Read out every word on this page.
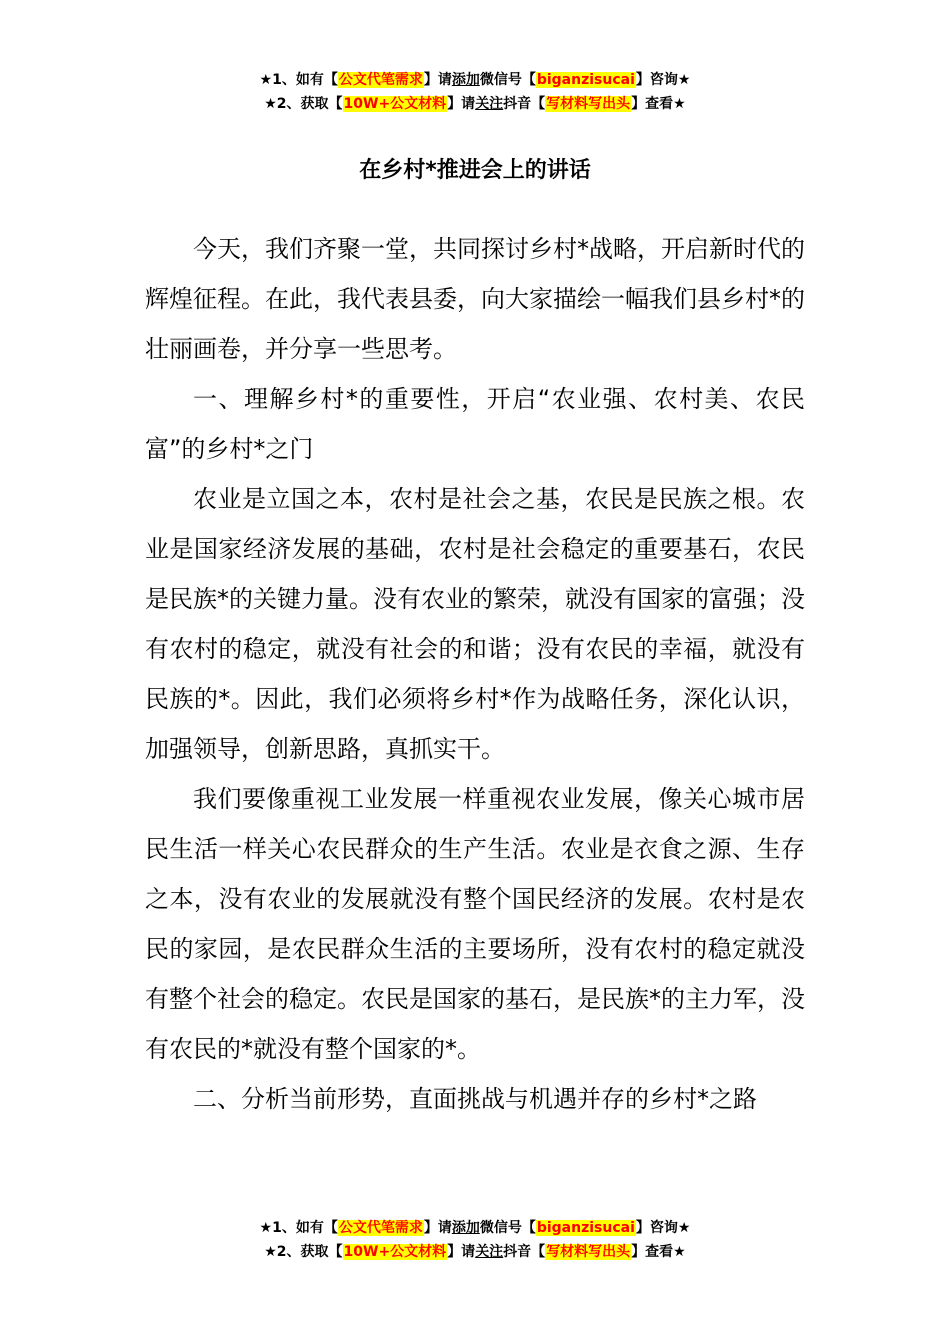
★1、如有【公文代笔需求】请添加微信号【biganzisucai】咨询★
★2、获取【10W+公文材料】请关注抖音【写材料写出头】查看★
在乡村*推进会上的讲话

今天，我们齐聚一堂，共同探讨乡村*战略，开启新时代的辉煌征程。在此，我代表县委，向大家描绘一幅我们县乡村*的壮丽画卷，并分享一些思考。

一、理解乡村*的重要性，开启“农业强、农村美、农民富”的乡村*之门

农业是立国之本，农村是社会之基，农民是民族之根。农业是国家经济发展的基础，农村是社会稳定的重要基石，农民是民族*的关键力量。没有农业的繁荣，就没有国家的富强；没有农村的稳定，就没有社会的和谐；没有农民的幸福，就没有民族的*。因此，我们必须将乡村*作为战略任务，深化认识，加强领导，创新思路，真抓实干。

我们要像重视工业发展一样重视农业发展，像关心城市居民生活一样关心农民群众的生产生活。农业是衣食之源、生存之本，没有农业的发展就没有整个国民经济的发展。农村是农民的家园，是农民群众生活的主要场所，没有农村的稳定就没有整个社会的稳定。农民是国家的基石，是民族*的主力军，没有农民的*就没有整个国家的*。

二、分析当前形势，直面挑战与机遇并存的乡村*之路

★1、如有【公文代笔需求】请添加微信号【biganzisucai】咨询★
★2、获取【10W+公文材料】请关注抖音【写材料写出头】查看★
